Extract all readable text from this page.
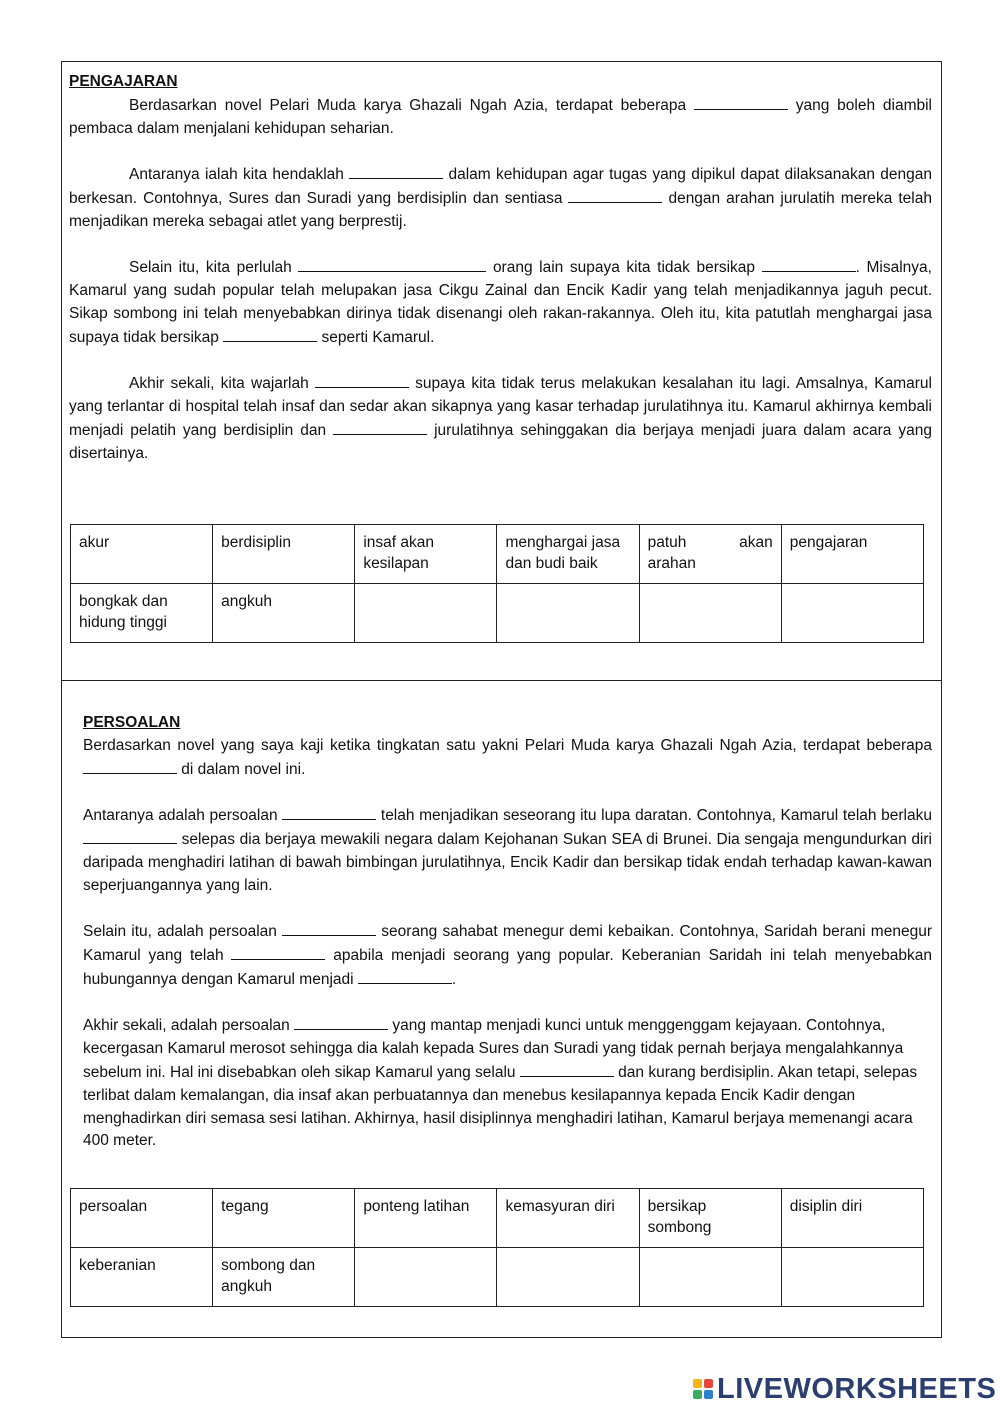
PENGAJARAN

Berdasarkan novel Pelari Muda karya Ghazali Ngah Azia, terdapat beberapa	yang boleh diambil pembaca dalam menjalani kehidupan seharian.

Antaranya ialah kita hendaklah	dalam kehidupan agar tugas yang dipikul dapat dilaksanakan dengan berkesan. Contohnya, Sures dan Suradi yang berdisiplin dan sentiasa	dengan arahan jurulatih mereka telah menjadikan mereka sebagai atlet yang berprestij.

Selain itu, kita perlulah	orang lain supaya kita tidak bersikap	. Misalnya, Kamarul yang sudah popular telah melupakan jasa Cikgu Zainal dan Encik Kadir yang telah menjadikannya jaguh pecut. Sikap sombong ini telah menyebabkan dirinya tidak disenangi oleh rakan-rakannya. Oleh itu, kita patutlah menghargai jasa supaya tidak bersikap	seperti Kamarul.

Akhir sekali, kita wajarlah	supaya kita tidak terus melakukan kesalahan itu lagi. Amsalnya, Kamarul yang terlantar di hospital telah insaf dan sedar akan sikapnya yang kasar terhadap jurulatihnya itu. Kamarul akhirnya kembali menjadi pelatih yang berdisiplin dan	jurulatihnya sehinggakan dia berjaya menjadi juara dalam acara yang disertainya.

akur	berdisiplin	insaf akan kesilapan	menghargai jasa dan budi baik	patuh akan arahan	pengajaran
bongkak dan hidung tinggi	angkuh				

PERSOALAN

Berdasarkan novel yang saya kaji ketika tingkatan satu yakni Pelari Muda karya Ghazali Ngah Azia, terdapat beberapa  di dalam novel ini.

Antaranya adalah persoalan	telah menjadikan seseorang itu lupa daratan. Contohnya, Kamarul telah berlaku  selepas dia berjaya mewakili negara dalam Kejohanan Sukan SEA di Brunei. Dia sengaja mengundurkan diri daripada menghadiri latihan di bawah bimbingan jurulatihnya, Encik Kadir dan bersikap tidak endah terhadap kawan-kawan seperjuangannya yang lain.

Selain itu, adalah persoalan	seorang sahabat menegur demi kebaikan. Contohnya, Saridah berani menegur Kamarul yang telah	apabila menjadi seorang yang popular. Keberanian Saridah ini telah menyebabkan hubungannya dengan Kamarul menjadi	.

Akhir sekali, adalah persoalan	yang mantap menjadi kunci untuk menggenggam kejayaan. Contohnya, kecergasan Kamarul merosot sehingga dia kalah kepada Sures dan Suradi yang tidak pernah berjaya mengalahkannya sebelum ini. Hal ini disebabkan oleh sikap Kamarul yang selalu	dan kurang berdisiplin. Akan tetapi, selepas terlibat dalam kemalangan, dia insaf akan perbuatannya dan menebus kesilapannya kepada Encik Kadir dengan menghadirkan diri semasa sesi latihan. Akhirnya, hasil disiplinnya menghadiri latihan, Kamarul berjaya memenangi acara 400 meter.

persoalan	tegang	ponteng latihan	kemasyuran diri	bersikap sombong	disiplin diri
keberanian	sombong dan angkuh				
LIVEWORKSHEETS
